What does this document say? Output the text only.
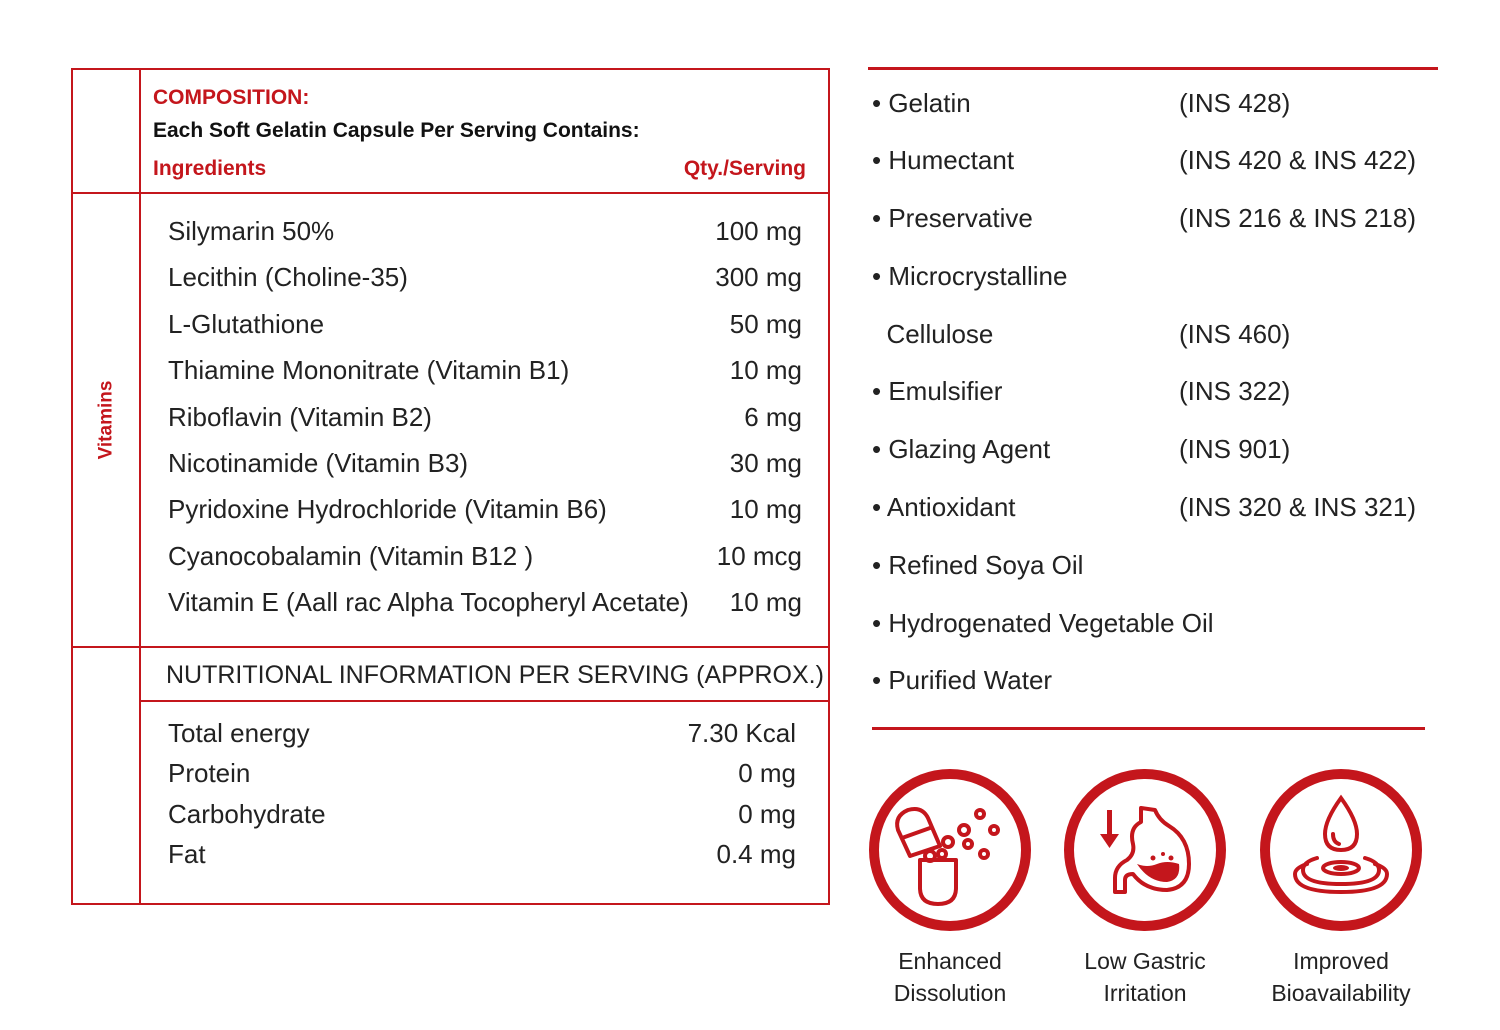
Vitamins
COMPOSITION:
Each Soft Gelatin Capsule Per Serving Contains:
Ingredients	Qty./Serving
Silymarin 50%	100 mg
Lecithin (Choline-35)	300 mg
L-Glutathione	50 mg
Thiamine Mononitrate (Vitamin B1)	10 mg
Riboflavin (Vitamin B2)	6 mg
Nicotinamide (Vitamin B3)	30 mg
Pyridoxine Hydrochloride (Vitamin B6)	10 mg
Cyanocobalamin (Vitamin B12 )	10 mcg
Vitamin E (Aall rac Alpha Tocopheryl Acetate) 10 mg
NUTRITIONAL INFORMATION PER SERVING (APPROX.)
Total energy	7.30 Kcal
Protein	0 mg
Carbohydrate	0 mg
Fat	0.4 mg
• Gelatin	(INS 428)
• Humectant	(INS 420 & INS 422)
• Preservative	(INS 216 & INS 218)
• Microcrystalline
Cellulose	(INS 460)
• Emulsifier	(INS 322)
• Glazing Agent	(INS 901)
• Antioxidant	(INS 320 & INS 321)
• Refined Soya Oil
• Hydrogenated Vegetable Oil
• Purified Water
Enhanced
Dissolution
Low Gastric
Irritation
Improved
Bioavailability
